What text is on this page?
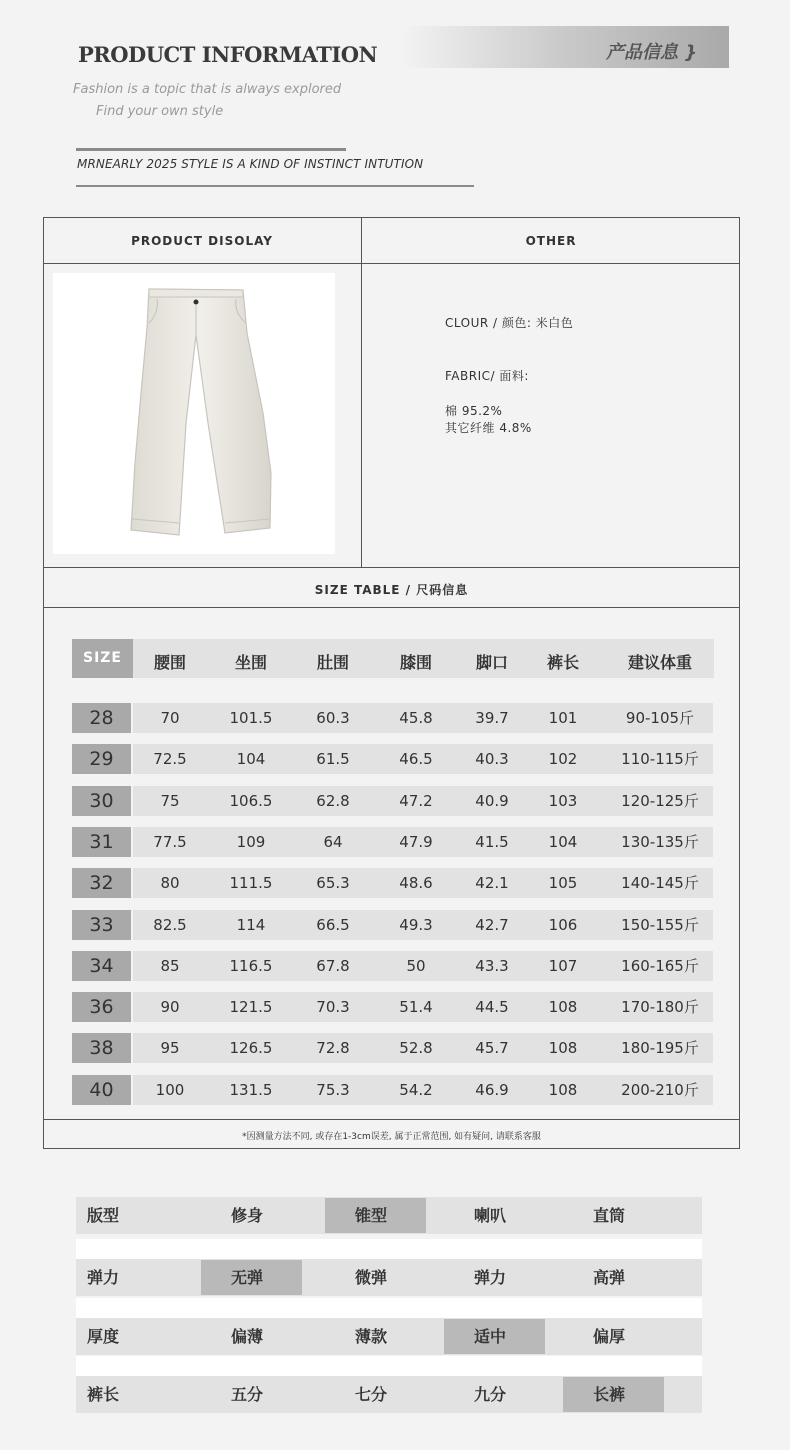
PRODUCT INFORMATION	产品信息 }
Fashion is a topic that is always explored
Find your own style
MRNEARLY 2025 STYLE IS A KIND OF INSTINCT INTUTION
PRODUCT DISOLAY	OTHER
CLOUR / 颜色: 米白色
FABRIC/ 面料:
棉 95.2%
其它纤维 4.8%
SIZE TABLE / 尺码信息
SIZE	腰围	坐围	肚围	膝围	脚口	裤长	建议体重
28	70	101.5	60.3	45.8	39.7	101	90-105斤
29	72.5	104	61.5	46.5	40.3	102	110-115斤
30	75	106.5	62.8	47.2	40.9	103	120-125斤
31	77.5	109	64	47.9	41.5	104	130-135斤
32	80	111.5	65.3	48.6	42.1	105	140-145斤
33	82.5	114	66.5	49.3	42.7	106	150-155斤
34	85	116.5	67.8	50	43.3	107	160-165斤
36	90	121.5	70.3	51.4	44.5	108	170-180斤
38	95	126.5	72.8	52.8	45.7	108	180-195斤
40	100	131.5	75.3	54.2	46.9	108	200-210斤
*因测量方法不同, 或存在1-3cm误差, 属于正常范围, 如有疑问, 请联系客服
版型	修身	锥型	喇叭	直筒
弹力	无弹	微弹	弹力	高弹
厚度	偏薄	薄款	适中	偏厚
裤长	五分	七分	九分	长裤
